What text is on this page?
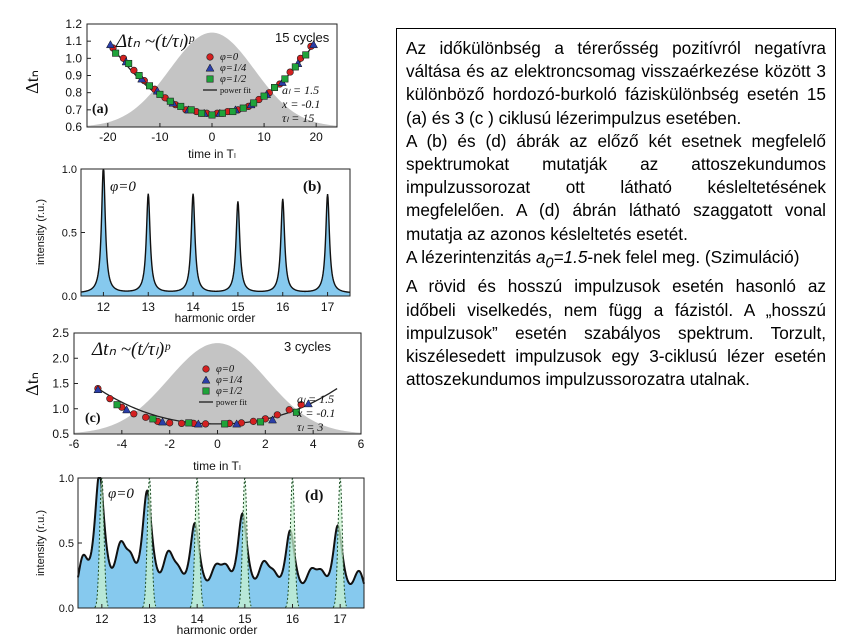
-20	-10	0	10	20
0.6
0.7
0.8
0.9
1.0
1.1
1.2
Δtₙ ~(t/τₗ)ᵖ	15 cycles
(a)
φ=0
φ=1/4
φ=1/2
power fit	aₗ = 1.5
x = -0.1
τₗ = 15
Δtₙ
time in Tₗ
12	13	14	15	16	17
0.0
0.5
1.0
φ=0	(b)
intensity (r.u.)
harmonic order
-6	-4	-2	0	2	4	6
0.5
1.0
1.5
2.0
2.5
Δtₙ ~(t/τₗ)ᵖ	3 cycles
(c)
φ=0
φ=1/4
φ=1/2
power fit	aₗ = 1.5
x = -0.1
τₗ = 3
Δtₙ
time in Tₗ
12	13	14	15	16	17
0.0
0.5
1.0
φ=0	(d)
intensity (r.u.)
harmonic order

Az időkülönbség a térerősség pozitívról negatívra váltása és az elektroncsomag visszaérkezése között 3 különböző hordozó-burkoló fáziskülönbség esetén 15 (a) és 3 (c ) ciklusú lézerimpulzus esetében.

A (b) és (d) ábrák az előző két esetnek megfelelő spektrumokat mutatják az attoszekundumos impulzussorozat ott látható késleltetésének megfelelően. A (d) ábrán látható szaggatott vonal mutatja az azonos késleltetés esetét.

A lézerintenzitás $a_0=1.5$-nek felel meg. (Szimuláció)

A rövid és hosszú impulzusok esetén hasonló az időbeli viselkedés, nem függ a fázistól. A „hosszú impulzusok” esetén szabályos spektrum. Torzult, kiszélesedett impulzusok egy 3-ciklusú lézer esetén attoszekundumos impulzussorozatra utalnak.
